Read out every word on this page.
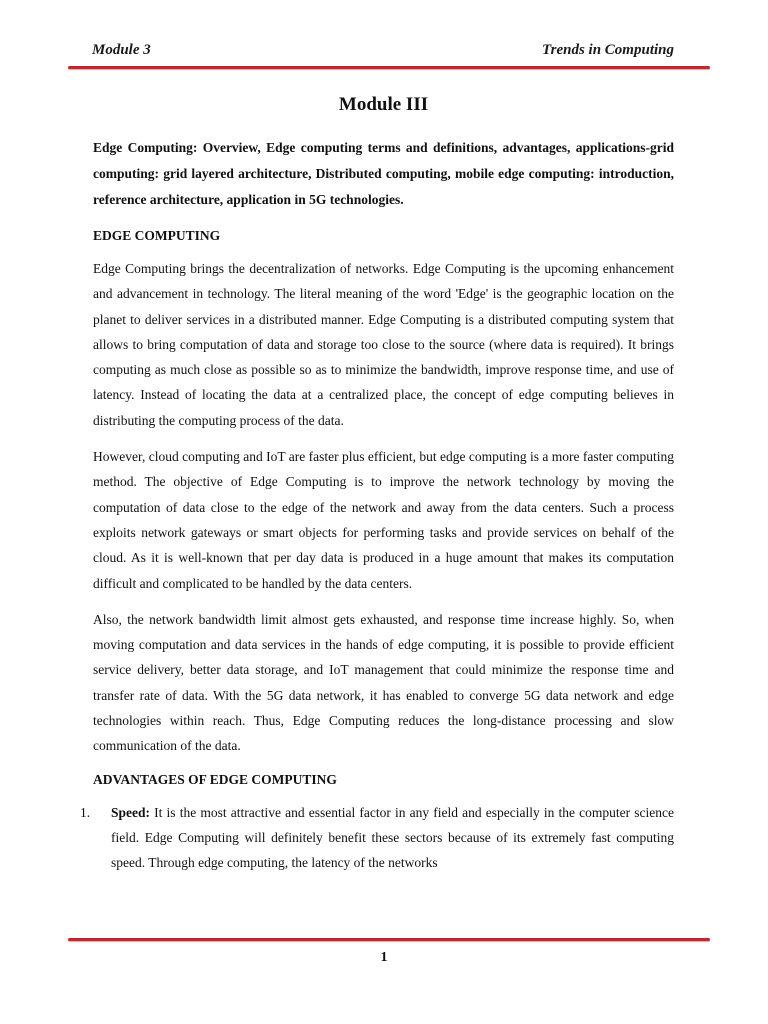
Module 3	Trends in Computing
Module III
Edge Computing: Overview, Edge computing terms and definitions, advantages, applications-grid computing: grid layered architecture, Distributed computing, mobile edge computing: introduction, reference architecture, application in 5G technologies.
EDGE COMPUTING

Edge Computing brings the decentralization of networks. Edge Computing is the upcoming enhancement and advancement in technology. The literal meaning of the word 'Edge' is the geographic location on the planet to deliver services in a distributed manner. Edge Computing is a distributed computing system that allows to bring computation of data and storage too close to the source (where data is required). It brings computing as much close as possible so as to minimize the bandwidth, improve response time, and use of latency. Instead of locating the data at a centralized place, the concept of edge computing believes in distributing the computing process of the data.

However, cloud computing and IoT are faster plus efficient, but edge computing is a more faster computing method. The objective of Edge Computing is to improve the network technology by moving the computation of data close to the edge of the network and away from the data centers. Such a process exploits network gateways or smart objects for performing tasks and provide services on behalf of the cloud. As it is well-known that per day data is produced in a huge amount that makes its computation difficult and complicated to be handled by the data centers.

Also, the network bandwidth limit almost gets exhausted, and response time increase highly. So, when moving computation and data services in the hands of edge computing, it is possible to provide efficient service delivery, better data storage, and IoT management that could minimize the response time and transfer rate of data. With the 5G data network, it has enabled to converge 5G data network and edge technologies within reach. Thus, Edge Computing reduces the long-distance processing and slow communication of the data.

ADVANTAGES OF EDGE COMPUTING
1. Speed: It is the most attractive and essential factor in any field and especially in the computer science field. Edge Computing will definitely benefit these sectors because of its extremely fast computing speed. Through edge computing, the latency of the networks
1
